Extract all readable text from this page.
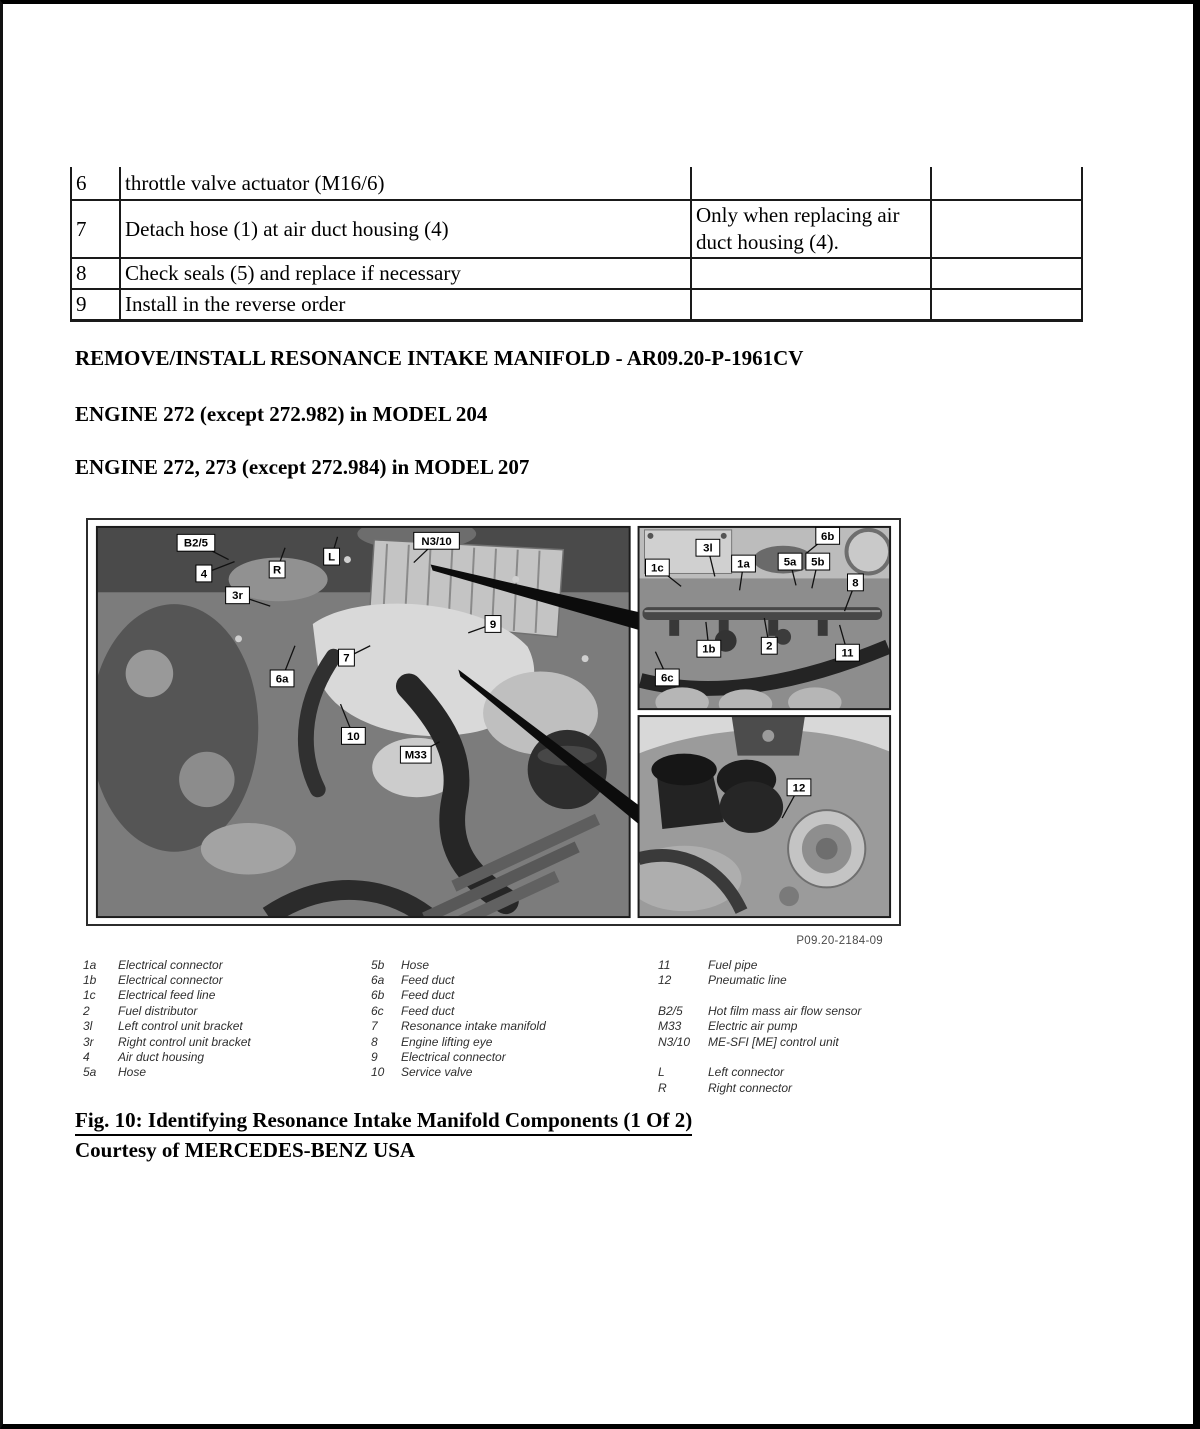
6	throttle valve actuator (M16/6)		
7	Detach hose (1) at air duct housing (4)	Only when replacing air duct housing (4).	
8	Check seals (5) and replace if necessary		
9	Install in the reverse order		
REMOVE/INSTALL RESONANCE INTAKE MANIFOLD - AR09.20-P-1961CV
ENGINE 272 (except 272.982) in MODEL 204
ENGINE 272, 273 (except 272.984) in MODEL 207
B2/5
4	R
L
N3/10
3r
6a
7
9
10
M33
6b
3l
1c	1a	5a 5b
8
1b	2
11
6c
12
P09.20-2184-09
1a	Electrical connector
1b	Electrical connector
1c	Electrical feed line
2	Fuel distributor
3l	Left control unit bracket
3r	Right control unit bracket
4	Air duct housing
5a	Hose
5b	Hose
6a	Feed duct
6b	Feed duct
6c	Feed duct
7	Resonance intake manifold
8	Engine lifting eye
9	Electrical connector
10	Service valve
11	Fuel pipe
12	Pneumatic line
B2/5	Hot film mass air flow sensor
M33	Electric air pump
N3/10	ME-SFI [ME] control unit
L	Left connector
R	Right connector
Fig. 10: Identifying Resonance Intake Manifold Components (1 Of 2)
Courtesy of MERCEDES-BENZ USA
